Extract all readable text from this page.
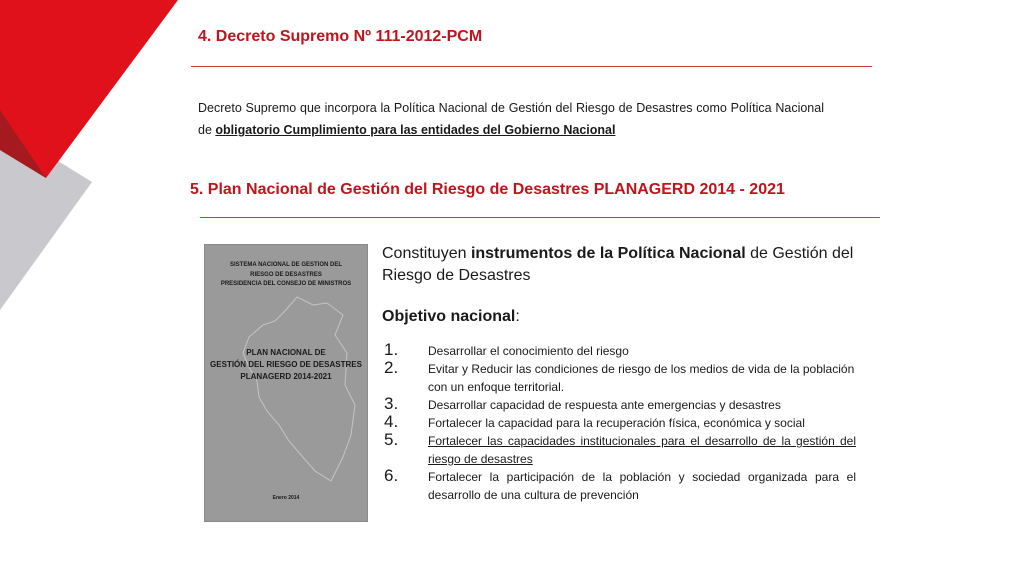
4. Decreto Supremo Nº 111-2012-PCM
Decreto Supremo que incorpora la Política Nacional de Gestión del Riesgo de Desastres como Política Nacional de obligatorio Cumplimiento para las entidades del Gobierno Nacional
5. Plan Nacional de Gestión del Riesgo de Desastres PLANAGERD 2014 - 2021
SISTEMA NACIONAL DE GESTION DEL RIESGO DE DESASTRES
PRESIDENCIA DEL CONSEJO DE MINISTROS
PLAN NACIONAL DE
GESTIÓN DEL RIESGO DE DESASTRES
PLANAGERD 2014-2021
Enero 2014
Constituyen instrumentos de la Política Nacional de Gestión del Riesgo de Desastres
Objetivo nacional:
1. Desarrollar el conocimiento del riesgo
2. Evitar y Reducir las condiciones de riesgo de los medios de vida de la población con un enfoque territorial.
3. Desarrollar capacidad de respuesta ante emergencias y desastres
4. Fortalecer la capacidad para la recuperación física, económica y social
5. Fortalecer las capacidades institucionales para el desarrollo de la gestión del riesgo de desastres
6. Fortalecer la participación de la población y sociedad organizada para el desarrollo de una cultura de prevención
